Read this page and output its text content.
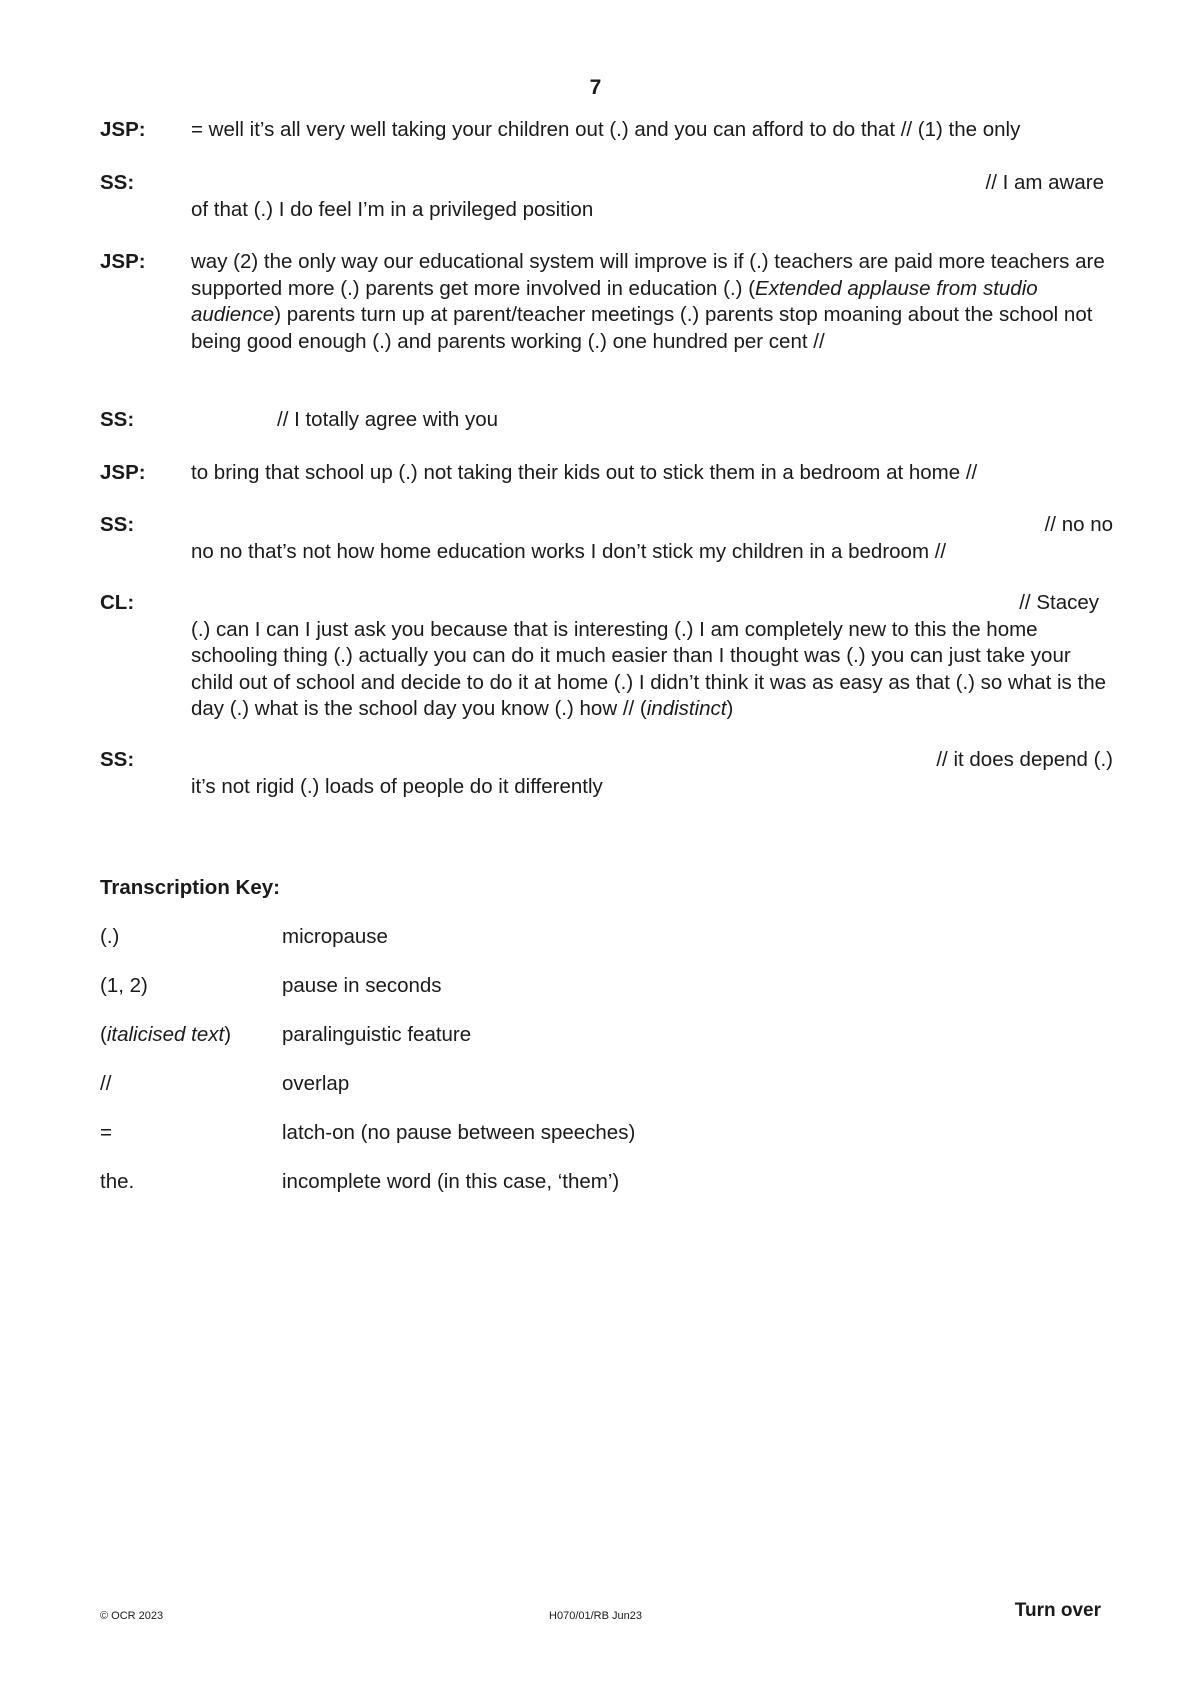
7
JSP: = well it’s all very well taking your children out (.) and you can afford to do that // (1) the only
SS:	// I am aware
of that (.) I do feel I’m in a privileged position
JSP: way (2) the only way our educational system will improve is if (.) teachers are paid more teachers are supported more (.) parents get more involved in education (.) (Extended applause from studio audience) parents turn up at parent/teacher meetings (.) parents stop moaning about the school not being good enough (.) and parents working (.) one hundred per cent //
SS:	// I totally agree with you
JSP: to bring that school up (.) not taking their kids out to stick them in a bedroom at home //
SS:	// no no
no no that’s not how home education works I don’t stick my children in a bedroom //
CL:	// Stacey
(.) can I can I just ask you because that is interesting (.) I am completely new to this the home schooling thing (.) actually you can do it much easier than I thought was (.) you can just take your child out of school and decide to do it at home (.) I didn’t think it was as easy as that (.) so what is the day (.) what is the school day you know (.) how // (indistinct)
SS:	// it does depend (.)
it’s not rigid (.) loads of people do it differently
Transcription Key:
(.)	micropause
(1, 2)	pause in seconds
(italicised text)	paralinguistic feature
//	overlap
=	latch-on (no pause between speeches)
the.	incomplete word (in this case, ‘them’)
© OCR 2023	H070/01/RB Jun23	Turn over
